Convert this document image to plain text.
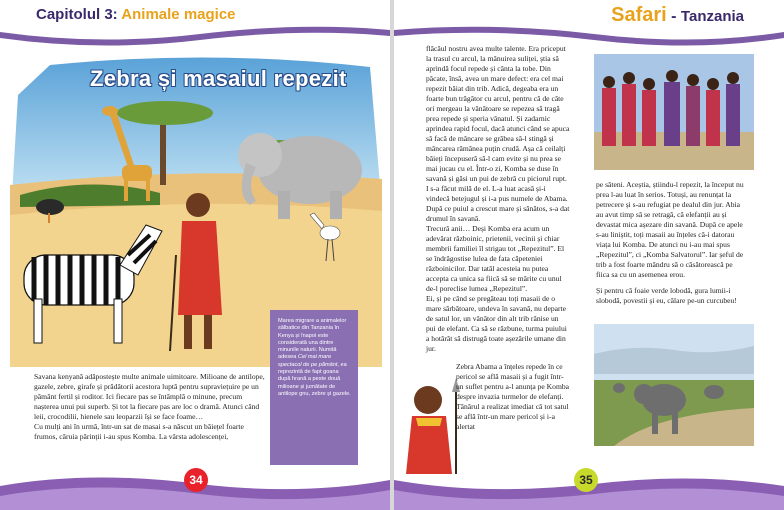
Capitolul 3: Animale magice
Zebra și masaiul repezit

Marea migrare a animalelor sălbatice din Tanzania în Kenya și înapoi este considerată una dintre minunile naturii. Numită adesea Cel mai mare spectacol de pe pământ, ea reprezintă de fapt goana după hrană a peste două milioane și jumătate de antilope gnu, zebre și gazele.

Savana kenyană adăpostește multe animale uimitoare. Milioane de antilope, gazele, zebre, girafe și prădătorii acestora luptă pentru supraviețuire pe un pământ fertil și roditor. Ici fiecare pas se întâmplă o minune, precum nașterea unui pui superb. Și tot la fiecare pas are loc o dramă. Atunci când leii, crocodilii, hienele sau leoparzii își se face foame…

Cu mulți ani în urmă, într-un sat de masai s-a născut un băiețel foarte frumos, căruia părinții i-au spus Komba. La vârsta adolescenței,

34
Safari - Tanzania

flăcăul nostru avea multe talente. Era priceput la trasul cu arcul, la mânuirea suliței, știa să aprindă focul repede și cânta la tobe. Din păcate, însă, avea un mare defect: era cel mai repezit băiat din trib. Adică, degeaba era un foarte bun trăgător cu arcul, pentru că de câte ori mergeau la vânătoare se repezea să tragă prea repede și speria vânatul. Și zadarnic aprindea rapid focul, dacă atunci când se apuca să facă de mâncare se grăbea să-l stingă și mâncarea rămânea puțin crudă. Așa că ceilalți băieți începuseră să-l cam evite și nu prea se mai jucau cu el. Într-o zi, Komba se duse în savană și găsi un pui de zebră cu piciorul rupt. I s-a făcut milă de el. L-a luat acasă și-i vindecă betejugul și i-a pus numele de Abama. După ce puiul a crescut mare și sănătos, s-a dat drumul în savană.
Trecură anii… Deși Komba era acum un adevărat războinic, prietenii, vecinii și chiar membrii familiei îl strigau tot „Repezitul”. El se îndrăgostise lulea de fata căpeteniei războinicilor. Dar tatăl acesteia nu putea accepta ca unica sa fiică să se mărite cu unul de-l poreclise lumea „Repezitul”.
Ei, și pe când se pregăteau toți masaii de o mare sărbătoare, undeva în savană, nu departe de satul lor, un vânător din alt trib rănise un pui de elefant. Ca să se răzbune, turma puiului a hotărât să distrugă toate așezările umane din jur.

pe săteni. Aceștia, știindu-l repezit, la început nu prea l-au luat în serios. Totuși, au renunțat la petrecere și s-au refugiat pe dealul din jur. Abia au avut timp să se retragă, că elefanții au și devastat mica așezare din savană. După ce apele s-au liniștit, toți masaii au înțeles că-i datorau viața lui Komba. De atunci nu i-au mai spus „Repezitul”, ci „Komba Salvatorul”. Iar șeful de trib a fost foarte mândru să o căsătorească pe fiica sa cu un asemenea erou.

Și pentru că foaie verde lobodă, gura lumii-i slobodă, povestii și eu, călare pe-un curcubeu!

Zebra Abama a înțeles repede în ce pericol se află masaii și a fugit într-un suflet pentru a-l anunța pe Komba despre invazia turmelor de elefanți. Tânărul a realizat imediat că tot satul se află într-un mare pericol și i-a alertat

35
